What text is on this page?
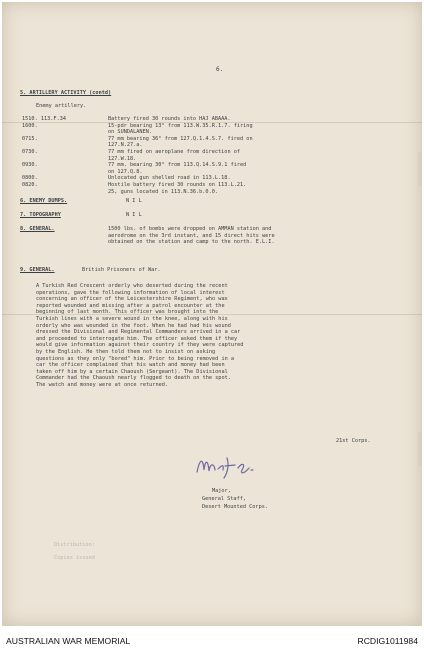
6.
5. ARTILLERY ACTIVITY (contd)
Enemy artillery.
1510. 113.F.34	Battery fired 30 rounds into HAJ ABAAA.
1600.	15-pdr bearing 13° from 113.W.35.R.1.7. firing
on SUNDALANEN.
0715.	77 mm bearing 36° from 127.Q.1.4.S.7. fired on
127.N.27.a.
0730.	77 mm fired on aeroplane from direction of
127.W.18.
0930.	77 mm. bearing 30° from 113.Q.14.S.9.1 fired
on 127.Q.8.
0800.	Unlocated gun shelled road in 113.L.18.
0820.	Hostile battery fired 30 rounds on 113.L.21.
25, guns located in 113.N.36.b.0.0.
6. ENEMY DUMPS.	N I L
7. TOPOGRAPHY	N I L
8. GENERAL.	1500 lbs. of bombs were dropped on AMMAN station and
aerodrome on the 3rd instant, and 15 direct hits were
obtained on the station and camp to the north. E.L.I.
9. GENERAL.	British Prisoners of War.
A Turkish Red Crescent orderly who deserted during the recent
operations, gave the following information of local interest
concerning an officer of the Leicestershire Regiment, who was
reported wounded and missing after a patrol encounter at the
beginning of last month. This officer was brought into the
Turkish lines with a severe wound in the knee, along with his
orderly who was wounded in the foot. When he had had his wound
dressed the Divisional and Regimental Commanders arrived in a car
and proceeded to interrogate him. The officer asked them if they
would give information against their country if they were captured
by the English. He then told them not to insist on asking
questions as they only "bored" him. Prior to being removed in a
car the officer complained that his watch and money had been
taken off him by a certain Chaoush (Sergeant). The Divisional
Commander had the Chaoush nearly flogged to death on the spot.
The watch and money were at once returned.
21st Corps.
Major,
General Staff,
Desert Mounted Corps.
Distribution:
Copies issued
AUSTRALIAN WAR MEMORIAL	RCDIG1011984
